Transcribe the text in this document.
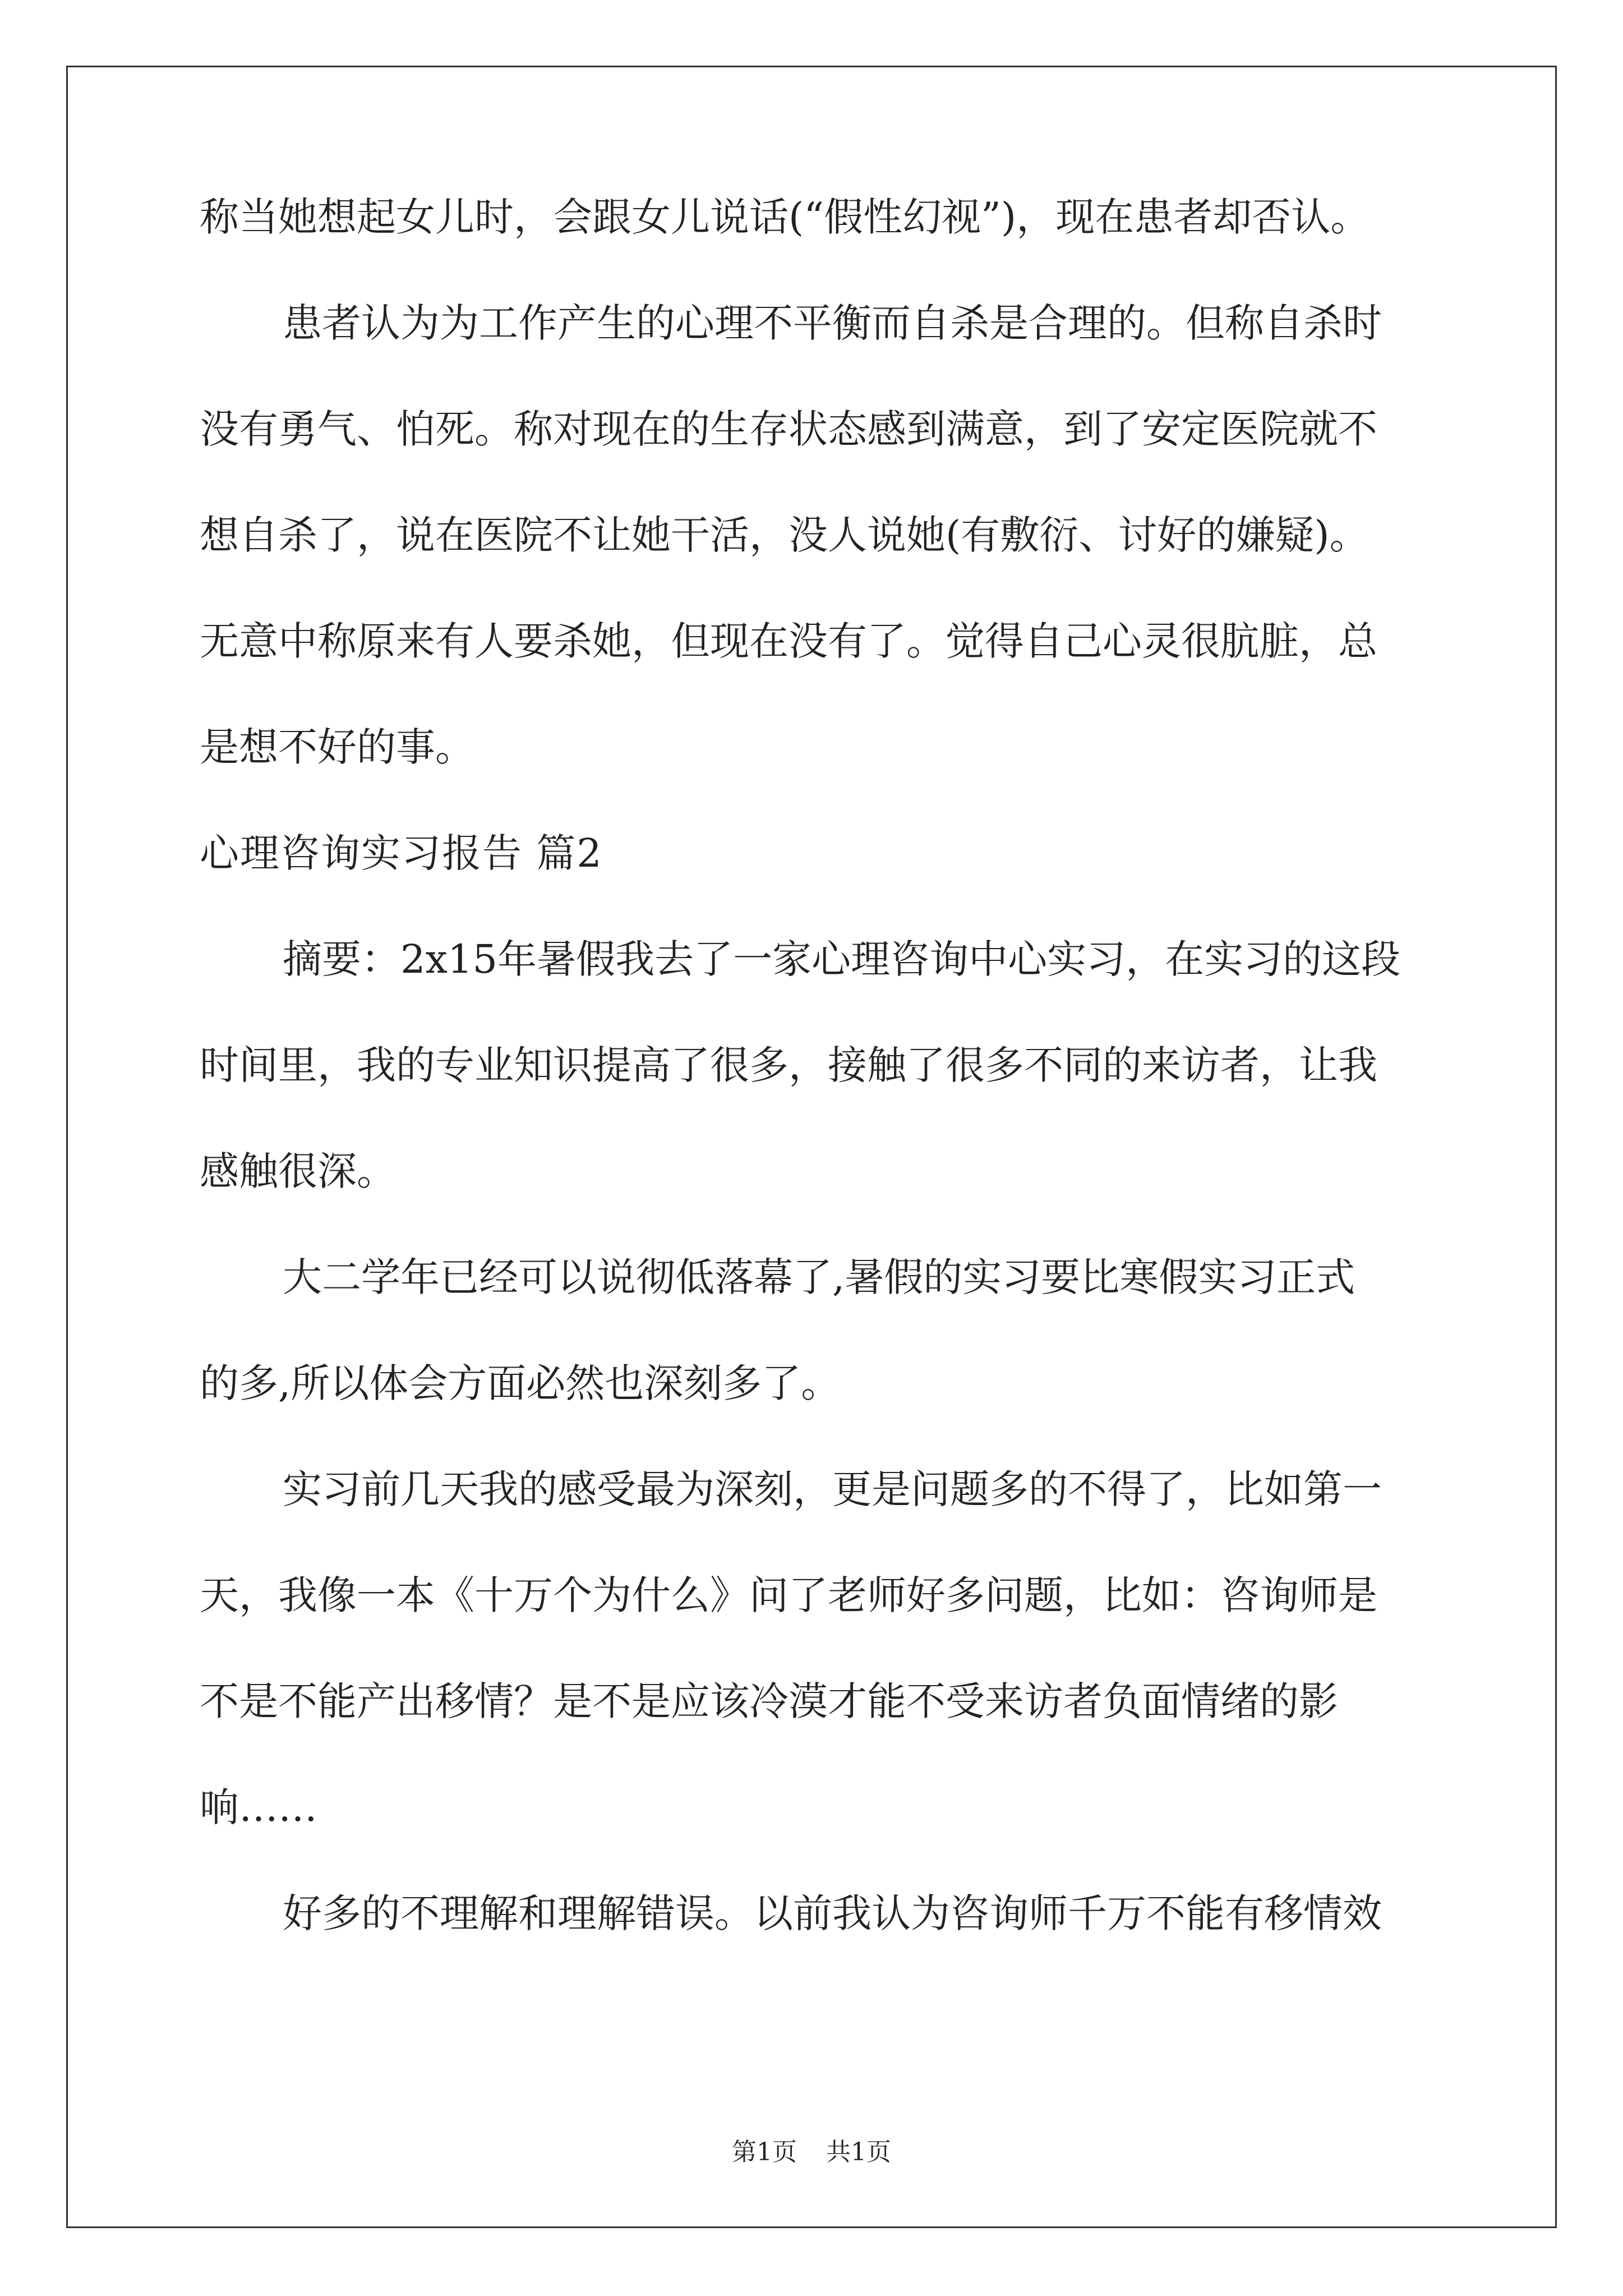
称当她想起女儿时，会跟女儿说话(“假性幻视”)，现在患者却否认。
患者认为为工作产生的心理不平衡而自杀是合理的。但称自杀时
没有勇气、怕死。称对现在的生存状态感到满意，到了安定医院就不
想自杀了，说在医院不让她干活，没人说她(有敷衍、讨好的嫌疑)。
无意中称原来有人要杀她，但现在没有了。觉得自己心灵很肮脏，总
是想不好的事。
心理咨询实习报告 篇2
摘要：2x15年暑假我去了一家心理咨询中心实习，在实习的这段
时间里，我的专业知识提高了很多，接触了很多不同的来访者，让我
感触很深。
大二学年已经可以说彻低落幕了,暑假的实习要比寒假实习正式
的多,所以体会方面必然也深刻多了。
实习前几天我的感受最为深刻，更是问题多的不得了，比如第一
天，我像一本《十万个为什么》问了老师好多问题，比如：咨询师是
不是不能产出移情？是不是应该冷漠才能不受来访者负面情绪的影
响……
好多的不理解和理解错误。以前我认为咨询师千万不能有移情效
第1页 共1页
